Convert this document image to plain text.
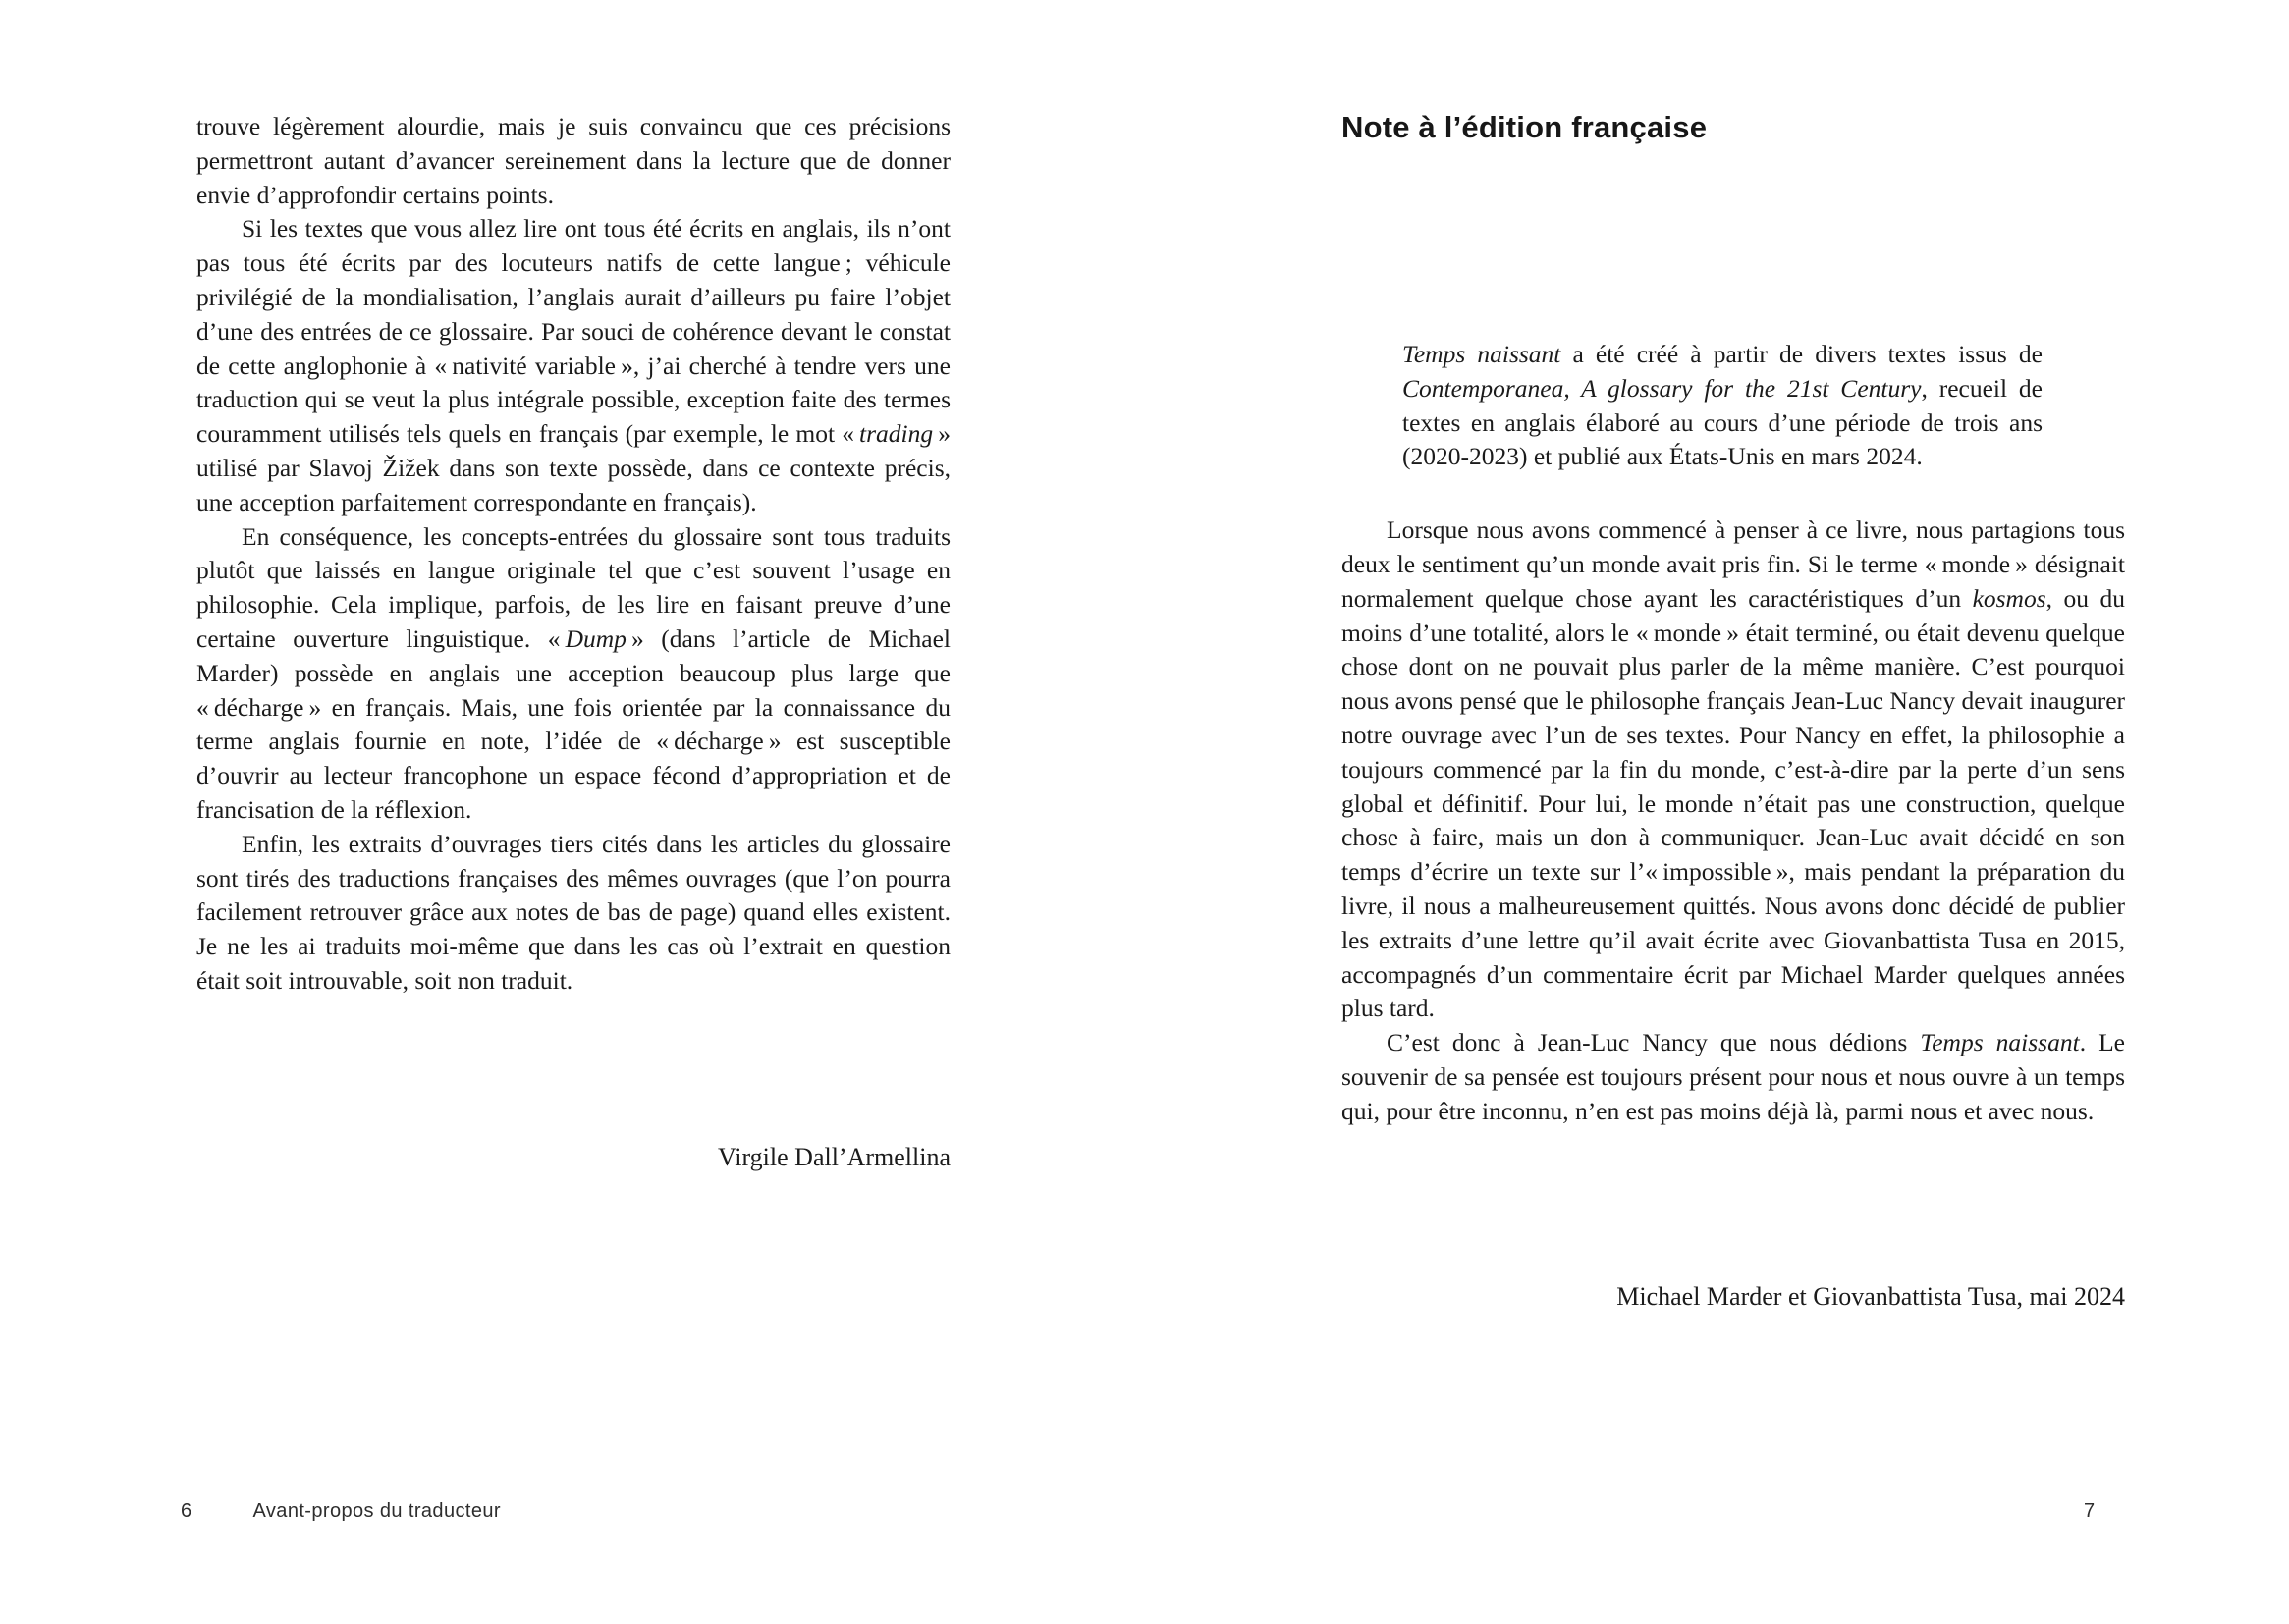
trouve légèrement alourdie, mais je suis convaincu que ces précisions permettront autant d’avancer sereinement dans la lecture que de donner envie d’approfondir certains points.

Si les textes que vous allez lire ont tous été écrits en anglais, ils n’ont pas tous été écrits par des locuteurs natifs de cette langue ; véhicule privilégié de la mondialisation, l’anglais aurait d’ailleurs pu faire l’objet d’une des entrées de ce glossaire. Par souci de cohérence devant le constat de cette anglophonie à « nativité variable », j’ai cherché à tendre vers une traduction qui se veut la plus intégrale possible, exception faite des termes couramment utilisés tels quels en français (par exemple, le mot « trading » utilisé par Slavoj Žižek dans son texte possède, dans ce contexte précis, une acception parfaitement correspondante en français).

En conséquence, les concepts-entrées du glossaire sont tous traduits plutôt que laissés en langue originale tel que c’est souvent l’usage en philosophie. Cela implique, parfois, de les lire en faisant preuve d’une certaine ouverture linguistique. « Dump » (dans l’article de Michael Marder) possède en anglais une acception beaucoup plus large que « décharge » en français. Mais, une fois orientée par la connaissance du terme anglais fournie en note, l’idée de « décharge » est susceptible d’ouvrir au lecteur francophone un espace fécond d’appropriation et de francisation de la réflexion.

Enfin, les extraits d’ouvrages tiers cités dans les articles du glossaire sont tirés des traductions françaises des mêmes ouvrages (que l’on pourra facilement retrouver grâce aux notes de bas de page) quand elles existent. Je ne les ai traduits moi-même que dans les cas où l’extrait en question était soit introuvable, soit non traduit.

Virgile Dall’Armellina
6	Avant-propos du traducteur
Note à l’édition française
Temps naissant a été créé à partir de divers textes issus de Contemporanea, A glossary for the 21st Century, recueil de textes en anglais élaboré au cours d’une période de trois ans (2020-2023) et publié aux États-Unis en mars 2024.

Lorsque nous avons commencé à penser à ce livre, nous partagions tous deux le sentiment qu’un monde avait pris fin. Si le terme « monde » désignait normalement quelque chose ayant les caractéristiques d’un kosmos, ou du moins d’une totalité, alors le « monde » était terminé, ou était devenu quelque chose dont on ne pouvait plus parler de la même manière. C’est pourquoi nous avons pensé que le philosophe français Jean-Luc Nancy devait inaugurer notre ouvrage avec l’un de ses textes. Pour Nancy en effet, la philosophie a toujours commencé par la fin du monde, c’est-à-dire par la perte d’un sens global et définitif. Pour lui, le monde n’était pas une construction, quelque chose à faire, mais un don à communiquer. Jean-Luc avait décidé en son temps d’écrire un texte sur l’« impossible », mais pendant la préparation du livre, il nous a malheureusement quittés. Nous avons donc décidé de publier les extraits d’une lettre qu’il avait écrite avec Giovanbattista Tusa en 2015, accompagnés d’un commentaire écrit par Michael Marder quelques années plus tard.

C’est donc à Jean-Luc Nancy que nous dédions Temps naissant. Le souvenir de sa pensée est toujours présent pour nous et nous ouvre à un temps qui, pour être inconnu, n’en est pas moins déjà là, parmi nous et avec nous.

Michael Marder et Giovanbattista Tusa, mai 2024
7
